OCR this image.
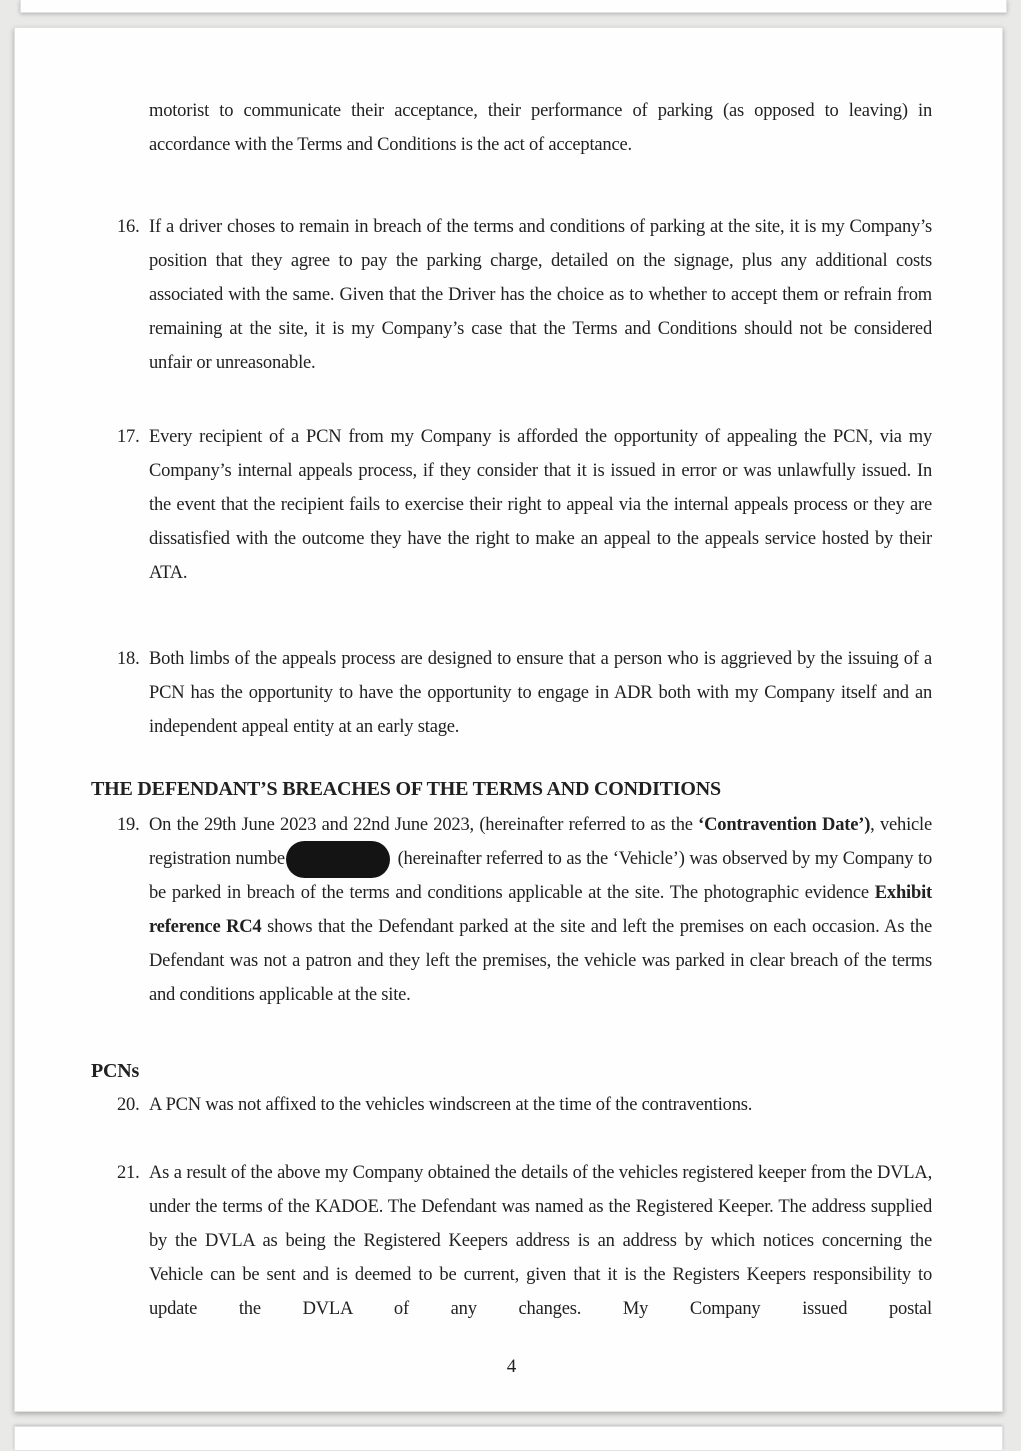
motorist to communicate their acceptance, their performance of parking (as opposed to leaving) in accordance with the Terms and Conditions is the act of acceptance.

16. If a driver choses to remain in breach of the terms and conditions of parking at the site, it is my Company’s position that they agree to pay the parking charge, detailed on the signage, plus any additional costs associated with the same. Given that the Driver has the choice as to whether to accept them or refrain from remaining at the site, it is my Company’s case that the Terms and Conditions should not be considered unfair or unreasonable.
17. Every recipient of a PCN from my Company is afforded the opportunity of appealing the PCN, via my Company’s internal appeals process, if they consider that it is issued in error or was unlawfully issued. In the event that the recipient fails to exercise their right to appeal via the internal appeals process or they are dissatisfied with the outcome they have the right to make an appeal to the appeals service hosted by their ATA.
18. Both limbs of the appeals process are designed to ensure that a person who is aggrieved by the issuing of a PCN has the opportunity to have the opportunity to engage in ADR both with my Company itself and an independent appeal entity at an early stage.
THE DEFENDANT’S BREACHES OF THE TERMS AND CONDITIONS
19. On the 29th June 2023 and 22nd June 2023, (hereinafter referred to as the ‘Contravention Date’), vehicle registration numbe	(hereinafter referred to as the ‘Vehicle’) was observed by my Company to be parked in breach of the terms and conditions applicable at the site. The photographic evidence Exhibit reference RC4 shows that the Defendant parked at the site and left the premises on each occasion. As the Defendant was not a patron and they left the premises, the vehicle was parked in clear breach of the terms and conditions applicable at the site.
PCNs
20. A PCN was not affixed to the vehicles windscreen at the time of the contraventions.
21. As a result of the above my Company obtained the details of the vehicles registered keeper from the DVLA, under the terms of the KADOE. The Defendant was named as the Registered Keeper. The address supplied by the DVLA as being the Registered Keepers address is an address by which notices concerning the Vehicle can be sent and is deemed to be current, given that it is the Registers Keepers responsibility to update the DVLA of any changes. My Company issued postal
4
